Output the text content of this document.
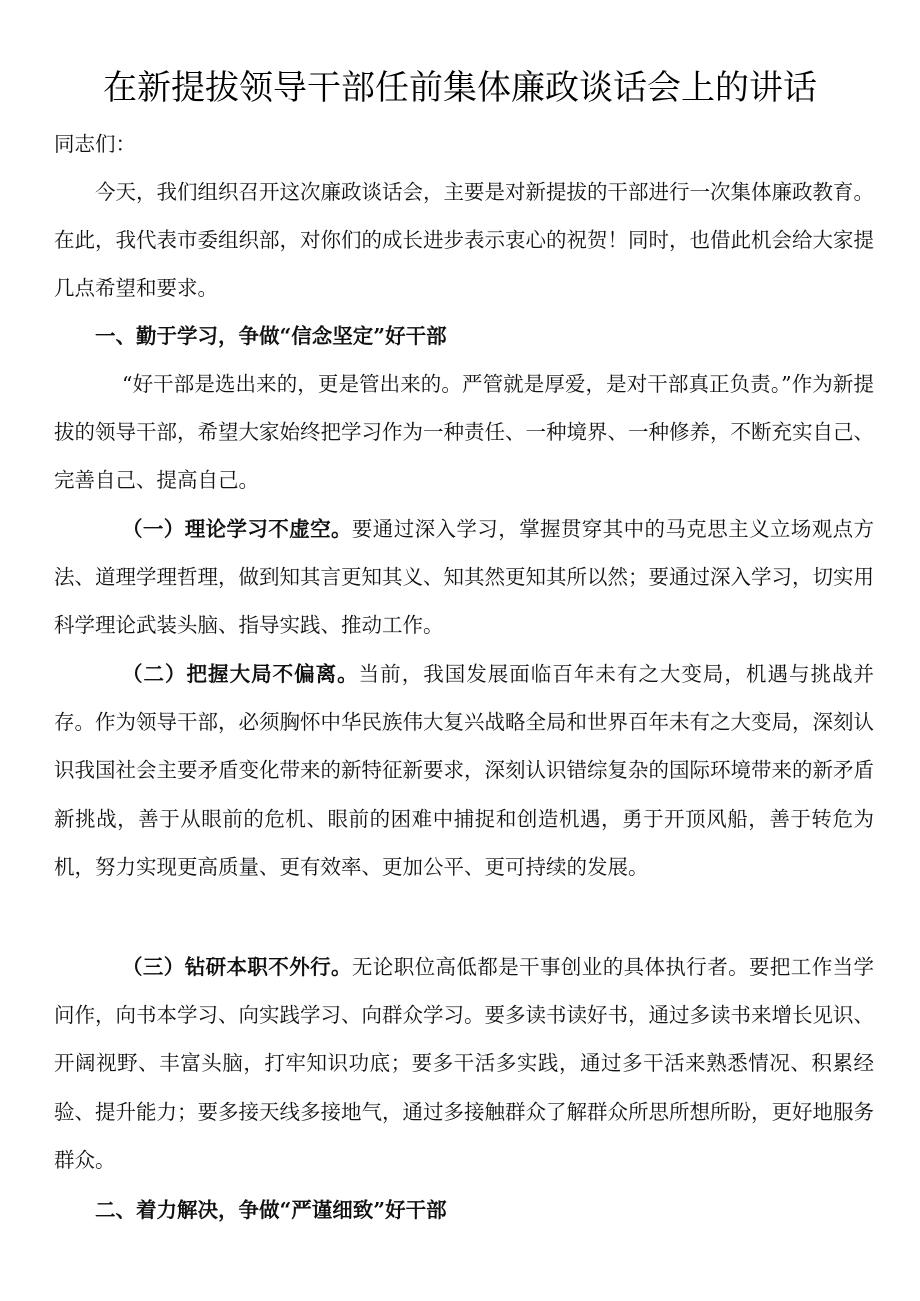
在新提拔领导干部任前集体廉政谈话会上的讲话

同志们：

今天，我们组织召开这次廉政谈话会，主要是对新提拔的干部进行一次集体廉政教育。在此，我代表市委组织部，对你们的成长进步表示衷心的祝贺！同时，也借此机会给大家提几点希望和要求。

一、勤于学习，争做“信念坚定”好干部

“好干部是选出来的，更是管出来的。严管就是厚爱，是对干部真正负责。”作为新提拔的领导干部，希望大家始终把学习作为一种责任、一种境界、一种修养，不断充实自己、完善自己、提高自己。

（一）理论学习不虚空。要通过深入学习，掌握贯穿其中的马克思主义立场观点方法、道理学理哲理，做到知其言更知其义、知其然更知其所以然；要通过深入学习，切实用科学理论武装头脑、指导实践、推动工作。

（二）把握大局不偏离。当前，我国发展面临百年未有之大变局，机遇与挑战并存。作为领导干部，必须胸怀中华民族伟大复兴战略全局和世界百年未有之大变局，深刻认识我国社会主要矛盾变化带来的新特征新要求，深刻认识错综复杂的国际环境带来的新矛盾新挑战，善于从眼前的危机、眼前的困难中捕捉和创造机遇，勇于开顶风船，善于转危为机，努力实现更高质量、更有效率、更加公平、更可持续的发展。

（三）钻研本职不外行。无论职位高低都是干事创业的具体执行者。要把工作当学问作，向书本学习、向实践学习、向群众学习。要多读书读好书，通过多读书来增长见识、开阔视野、丰富头脑，打牢知识功底；要多干活多实践，通过多干活来熟悉情况、积累经验、提升能力；要多接天线多接地气，通过多接触群众了解群众所思所想所盼，更好地服务群众。

二、着力解决，争做“严谨细致”好干部
